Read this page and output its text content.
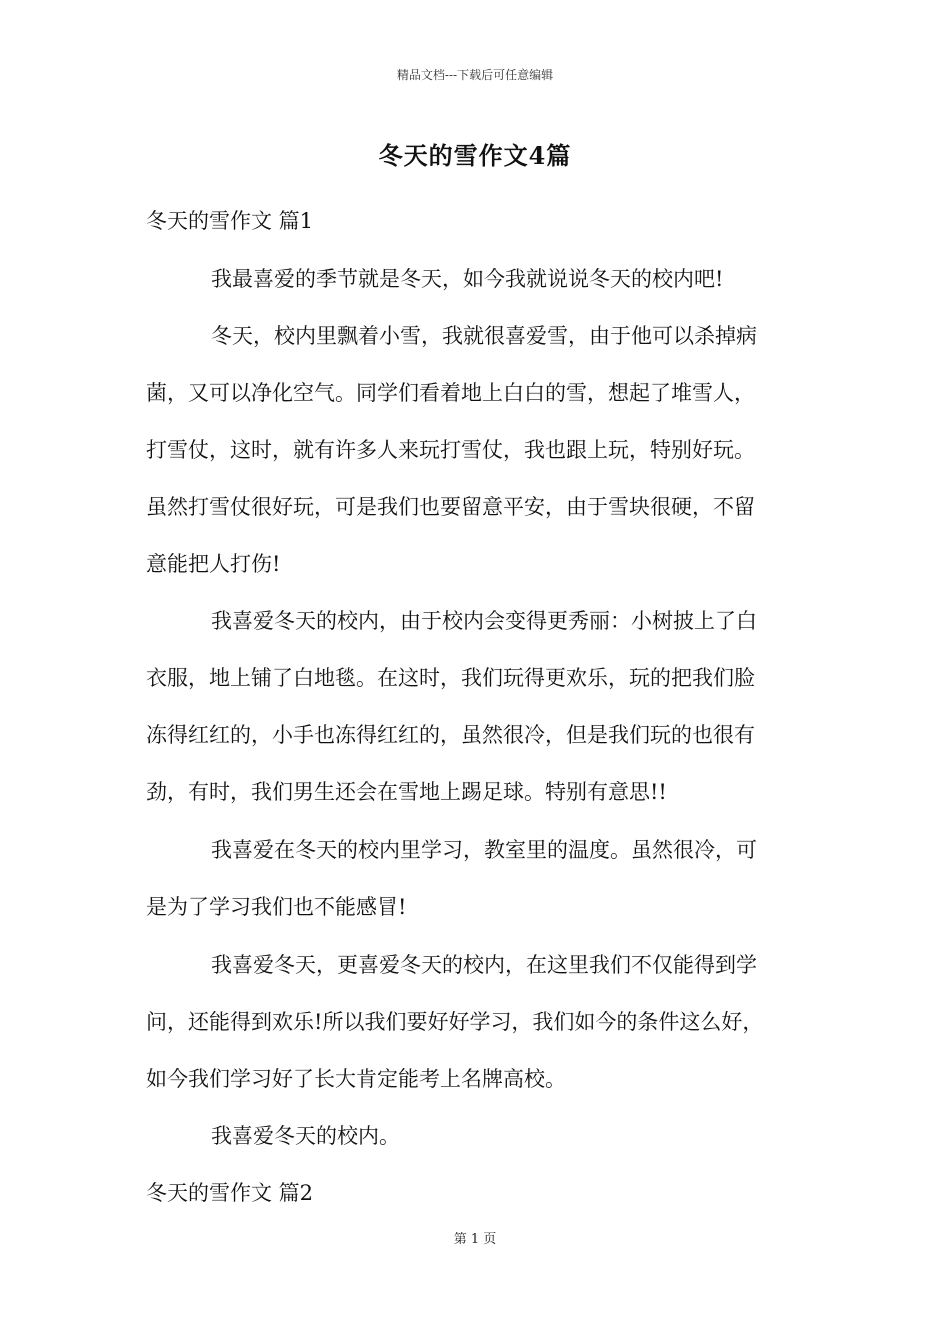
精品文档---下载后可任意编辑
冬天的雪作文4篇
冬天的雪作文 篇1
我最喜爱的季节就是冬天，如今我就说说冬天的校内吧!
冬天，校内里飘着小雪，我就很喜爱雪，由于他可以杀掉病
菌，又可以净化空气。同学们看着地上白白的雪，想起了堆雪人，
打雪仗，这时，就有许多人来玩打雪仗，我也跟上玩，特别好玩。
虽然打雪仗很好玩，可是我们也要留意平安，由于雪块很硬，不留
意能把人打伤!
我喜爱冬天的校内，由于校内会变得更秀丽：小树披上了白
衣服，地上铺了白地毯。在这时，我们玩得更欢乐，玩的把我们脸
冻得红红的，小手也冻得红红的，虽然很冷，但是我们玩的也很有
劲，有时，我们男生还会在雪地上踢足球。特别有意思!!
我喜爱在冬天的校内里学习，教室里的温度。虽然很冷，可
是为了学习我们也不能感冒!
我喜爱冬天，更喜爱冬天的校内，在这里我们不仅能得到学
问，还能得到欢乐!所以我们要好好学习，我们如今的条件这么好，
如今我们学习好了长大肯定能考上名牌高校。
我喜爱冬天的校内。
冬天的雪作文 篇2
第 1 页
